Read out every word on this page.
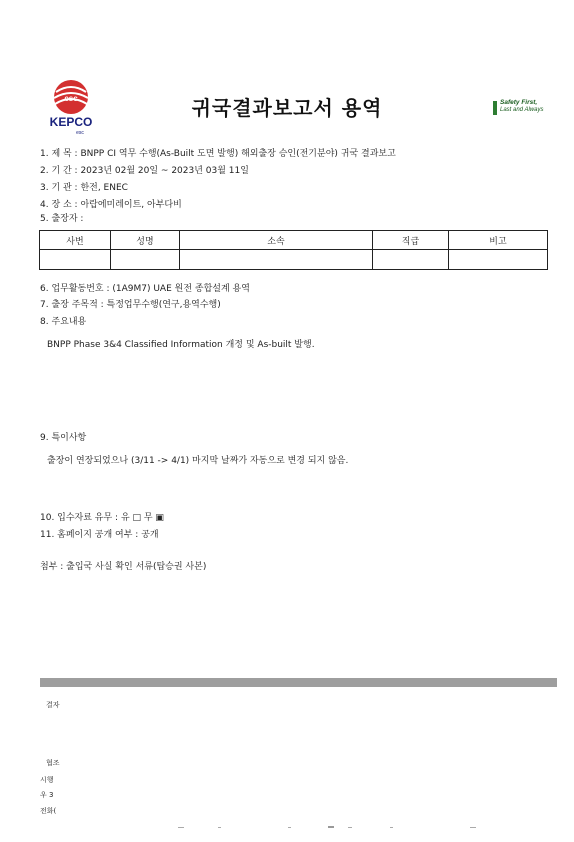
esc
KEPCO
esc
귀국결과보고서 용역	Safety First,
Last and Always
1. 제 목 : BNPP CI 역무 수행(As-Built 도면 발행) 해외출장 승인(전기분야) 귀국 결과보고
2. 기 간 : 2023년 02월 20일 ~ 2023년 03월 11일
3. 기 관 : 한전, ENEC
4. 장 소 : 아랍에미레이트, 아부다비
5. 출장자 :
사번	성명	소속	직급	비고

6. 업무활동번호 : (1A9M7) UAE 원전 종합설계 용역
7. 출장 주목적 : 특정업무수행(연구,용역수행)
8. 주요내용
BNPP Phase 3&4 Classified Information 개정 및 As-built 발행.
9. 특이사항
출장이 연장되었으나 (3/11 -> 4/1) 마지막 날짜가 자동으로 변경 되지 않음.
10. 입수자료 유무 : 유 □ 무 ▣
11. 홈페이지 공개 여부 : 공개
첨부 : 출입국 사실 확인 서류(탑승권 사본)
결자
협조
시행
우 3
전화(
